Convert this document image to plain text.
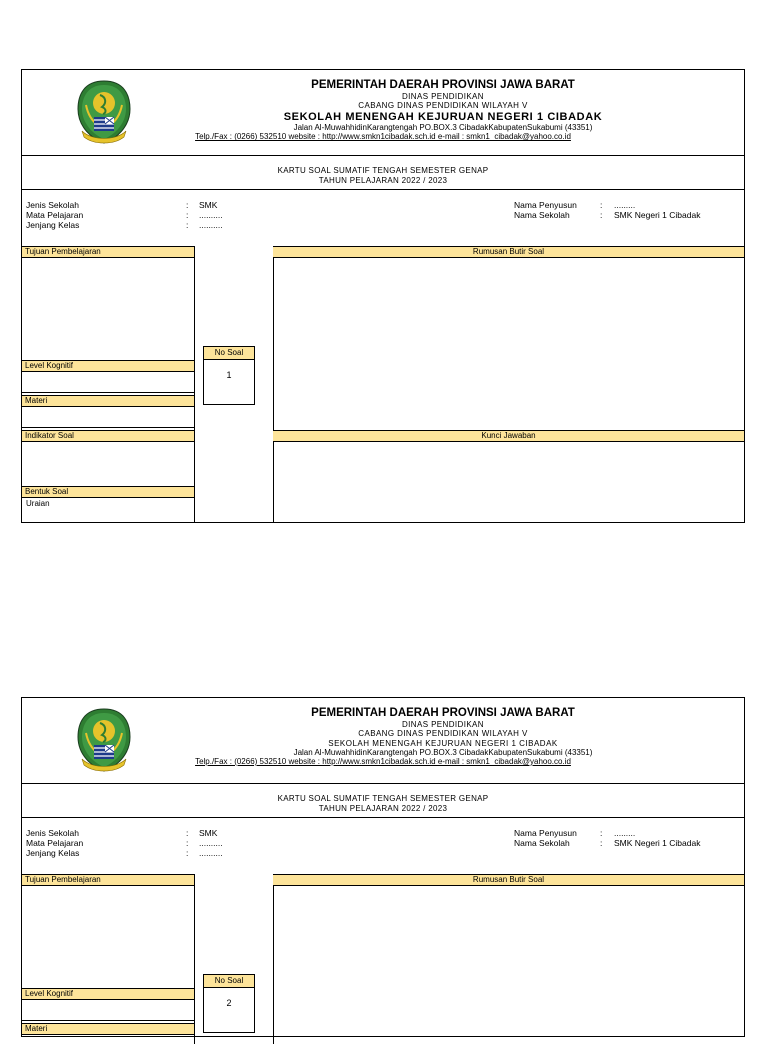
PEMERINTAH DAERAH PROVINSI JAWA BARAT
DINAS PENDIDIKAN
CABANG DINAS PENDIDIKAN WILAYAH V
SEKOLAH MENENGAH KEJURUAN NEGERI 1 CIBADAK
Jalan Al-MuwahhidinKarangtengah PO.BOX.3 CibadakKabupatenSukabumi (43351)
Telp./Fax : (0266) 532510 website : http://www.smkn1cibadak.sch.id e-mail : smkn1_cibadak@yahoo.co.id
KARTU SOAL SUMATIF TENGAH SEMESTER GENAP
TAHUN PELAJARAN 2022 / 2023
Jenis Sekolah	: SMK
Mata Pelajaran	: ..........
Jenjang Kelas	: ..........
Nama Penyusun	: .........
Nama Sekolah	: SMK Negeri 1 Cibadak
Tujuan Pembelajaran	Rumusan Butir Soal
Level Kognitif
Materi
Indikator Soal	Kunci Jawaban
Bentuk Soal
Uraian
No Soal
1
PEMERINTAH DAERAH PROVINSI JAWA BARAT
DINAS PENDIDIKAN
CABANG DINAS PENDIDIKAN WILAYAH V
SEKOLAH MENENGAH KEJURUAN NEGERI 1 CIBADAK
Jalan Al-MuwahhidinKarangtengah PO.BOX.3 CibadakKabupatenSukabumi (43351)
Telp./Fax : (0266) 532510 website : http://www.smkn1cibadak.sch.id e-mail : smkn1_cibadak@yahoo.co.id
KARTU SOAL SUMATIF TENGAH SEMESTER GENAP
TAHUN PELAJARAN 2022 / 2023
Jenis Sekolah	: SMK
Mata Pelajaran	: ..........
Jenjang Kelas	: ..........
Nama Penyusun	: .........
Nama Sekolah	: SMK Negeri 1 Cibadak
Tujuan Pembelajaran	Rumusan Butir Soal
Level Kognitif
Materi
No Soal
2
